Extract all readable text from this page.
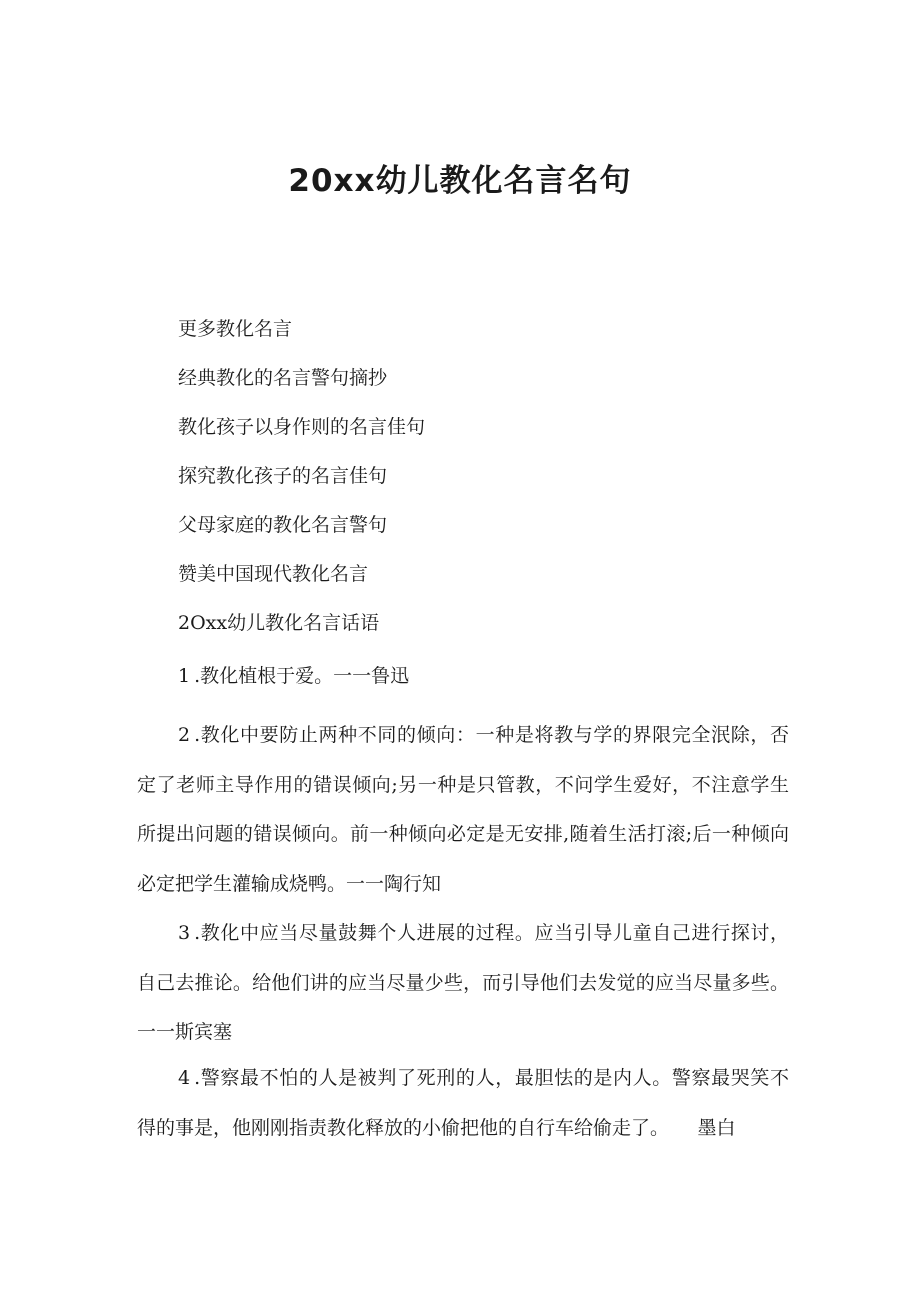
20xx幼儿教化名言名句
更多教化名言
经典教化的名言警句摘抄
教化孩子以身作则的名言佳句
探究教化孩子的名言佳句
父母家庭的教化名言警句
赞美中国现代教化名言
2Oxx幼儿教化名言话语

1.教化植根于爱。一一鲁迅

2.教化中要防止两种不同的倾向：一种是将教与学的界限完全泯除，否定了老师主导作用的错误倾向;另一种是只管教，不问学生爱好，不注意学生所提出问题的错误倾向。前一种倾向必定是无安排,随着生活打滚;后一种倾向必定把学生灌输成烧鸭。一一陶行知

3.教化中应当尽量鼓舞个人进展的过程。应当引导儿童自己进行探讨，自己去推论。给他们讲的应当尽量少些，而引导他们去发觉的应当尽量多些。一一斯宾塞

4.警察最不怕的人是被判了死刑的人，最胆怯的是内人。警察最哭笑不得的事是，他刚刚指责教化释放的小偷把他的自行车给偷走了。　　墨白
